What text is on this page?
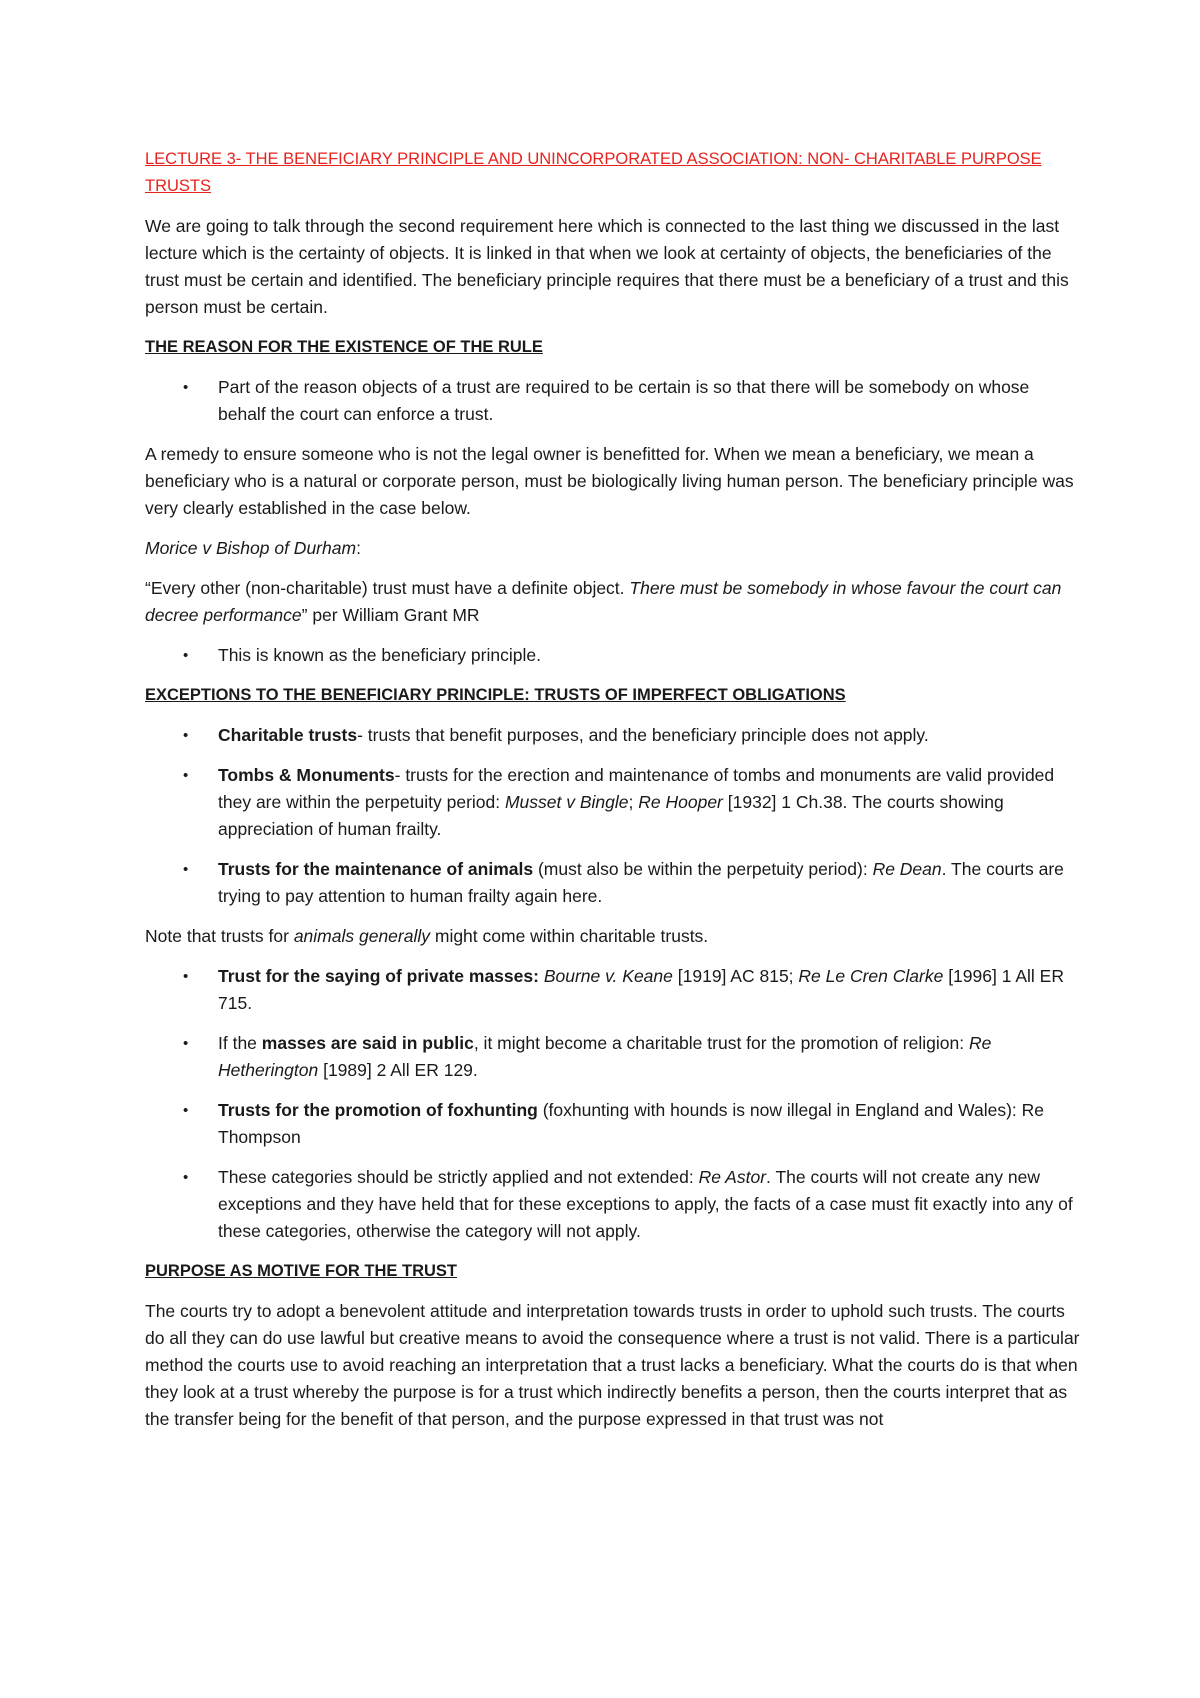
LECTURE 3- THE BENEFICIARY PRINCIPLE AND UNINCORPORATED ASSOCIATION: NON- CHARITABLE PURPOSE TRUSTS

We are going to talk through the second requirement here which is connected to the last thing we discussed in the last lecture which is the certainty of objects. It is linked in that when we look at certainty of objects, the beneficiaries of the trust must be certain and identified. The beneficiary principle requires that there must be a beneficiary of a trust and this person must be certain.

THE REASON FOR THE EXISTENCE OF THE RULE

• Part of the reason objects of a trust are required to be certain is so that there will be somebody on whose behalf the court can enforce a trust.

A remedy to ensure someone who is not the legal owner is benefitted for. When we mean a beneficiary, we mean a beneficiary who is a natural or corporate person, must be biologically living human person. The beneficiary principle was very clearly established in the case below.

Morice v Bishop of Durham:

“Every other (non-charitable) trust must have a definite object. There must be somebody in whose favour the court can decree performance” per William Grant MR

• This is known as the beneficiary principle.

EXCEPTIONS TO THE BENEFICIARY PRINCIPLE: TRUSTS OF IMPERFECT OBLIGATIONS

• Charitable trusts- trusts that benefit purposes, and the beneficiary principle does not apply.
• Tombs & Monuments- trusts for the erection and maintenance of tombs and monuments are valid provided they are within the perpetuity period: Musset v Bingle; Re Hooper [1932] 1 Ch.38. The courts showing appreciation of human frailty.
• Trusts for the maintenance of animals (must also be within the perpetuity period): Re Dean. The courts are trying to pay attention to human frailty again here.

Note that trusts for animals generally might come within charitable trusts.

• Trust for the saying of private masses: Bourne v. Keane [1919] AC 815; Re Le Cren Clarke [1996] 1 All ER 715.
• If the masses are said in public, it might become a charitable trust for the promotion of religion: Re Hetherington [1989] 2 All ER 129.
• Trusts for the promotion of foxhunting (foxhunting with hounds is now illegal in England and Wales): Re Thompson
• These categories should be strictly applied and not extended: Re Astor. The courts will not create any new exceptions and they have held that for these exceptions to apply, the facts of a case must fit exactly into any of these categories, otherwise the category will not apply.

PURPOSE AS MOTIVE FOR THE TRUST

The courts try to adopt a benevolent attitude and interpretation towards trusts in order to uphold such trusts. The courts do all they can do use lawful but creative means to avoid the consequence where a trust is not valid. There is a particular method the courts use to avoid reaching an interpretation that a trust lacks a beneficiary. What the courts do is that when they look at a trust whereby the purpose is for a trust which indirectly benefits a person, then the courts interpret that as the transfer being for the benefit of that person, and the purpose expressed in that trust was not
